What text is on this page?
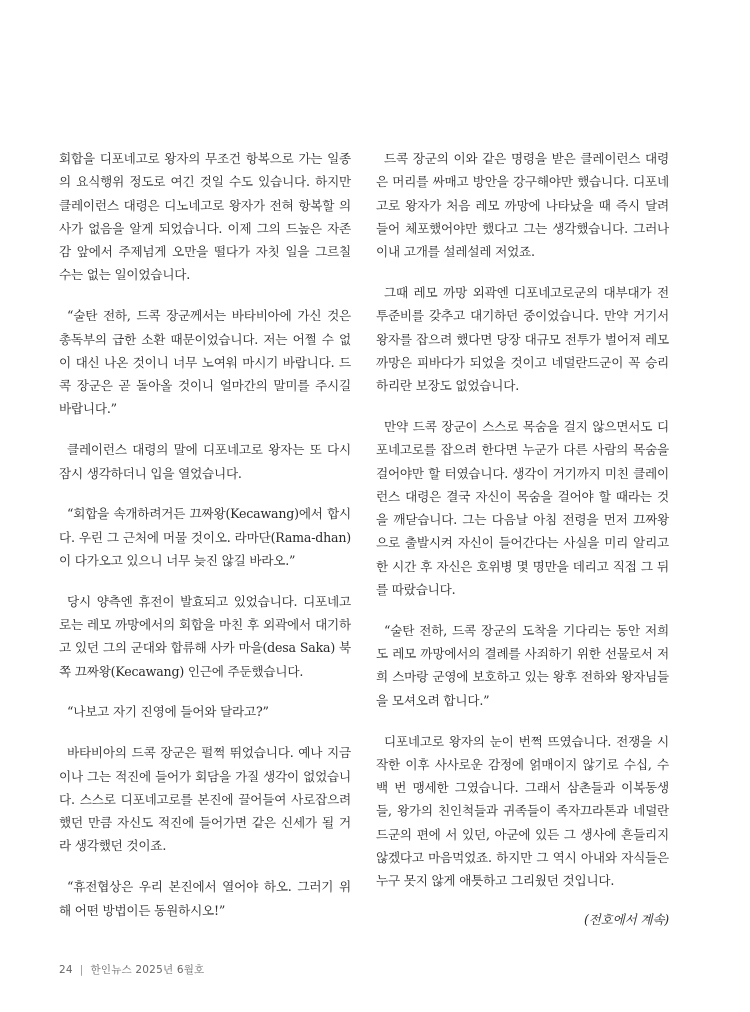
회합을 디포네고로 왕자의 무조건 항복으로 가는 일종의 요식행위 정도로 여긴 것일 수도 있습니다. 하지만 클레이런스 대령은 디노네고로 왕자가 전혀 항복할 의사가 없음을 알게 되었습니다. 이제 그의 드높은 자존감 앞에서 주제넘게 오만을 떨다가 자칫 일을 그르칠 수는 없는 일이었습니다.

“술탄 전하, 드콕 장군께서는 바타비아에 가신 것은 총독부의 급한 소환 때문이었습니다. 저는 어쩔 수 없이 대신 나온 것이니 너무 노여워 마시기 바랍니다. 드콕 장군은 곧 돌아올 것이니 얼마간의 말미를 주시길 바랍니다.”

클레이런스 대령의 말에 디포네고로 왕자는 또 다시 잠시 생각하더니 입을 열었습니다.

“회합을 속개하려거든 끄짜왕(Kecawang)에서 합시다. 우린 그 근처에 머물 것이오. 라마단(Rama-dhan)이 다가오고 있으니 너무 늦진 않길 바라오.”

당시 양측엔 휴전이 발효되고 있었습니다. 디포네고로는 레모 까망에서의 회합을 마친 후 외곽에서 대기하고 있던 그의 군대와 합류해 사카 마을(desa Saka) 북쪽 끄짜왕(Kecawang) 인근에 주둔했습니다.

“나보고 자기 진영에 들어와 달라고?”

바타비아의 드콕 장군은 펄쩍 뛰었습니다. 예나 지금이나 그는 적진에 들어가 회담을 가질 생각이 없었습니다. 스스로 디포네고로를 본진에 끌어들여 사로잡으려 했던 만큼 자신도 적진에 들어가면 같은 신세가 될 거라 생각했던 것이죠.

“휴전협상은 우리 본진에서 열어야 하오. 그러기 위해 어떤 방법이든 동원하시오!”

드콕 장군의 이와 같은 명령을 받은 클레이런스 대령은 머리를 싸매고 방안을 강구해야만 했습니다. 디포네고로 왕자가 처음 레모 까망에 나타났을 때 즉시 달려들어 체포했어야만 했다고 그는 생각했습니다. 그러나 이내 고개를 설레설레 저었죠.

그때 레모 까망 외곽엔 디포네고로군의 대부대가 전투준비를 갖추고 대기하던 중이었습니다. 만약 거기서 왕자를 잡으려 했다면 당장 대규모 전투가 벌어져 레모 까망은 피바다가 되었을 것이고 네덜란드군이 꼭 승리하리란 보장도 없었습니다.

만약 드콕 장군이 스스로 목숨을 걸지 않으면서도 디포네고로를 잡으려 한다면 누군가 다른 사람의 목숨을 걸어야만 할 터였습니다. 생각이 거기까지 미친 클레이런스 대령은 결국 자신이 목숨을 걸어야 할 때라는 것을 깨닫습니다. 그는 다음날 아침 전령을 먼저 끄짜왕으로 출발시켜 자신이 들어간다는 사실을 미리 알리고 한 시간 후 자신은 호위병 몇 명만을 데리고 직접 그 뒤를 따랐습니다.

“술탄 전하, 드콕 장군의 도착을 기다리는 동안 저희도 레모 까망에서의 결례를 사죄하기 위한 선물로서 저희 스마랑 군영에 보호하고 있는 왕후 전하와 왕자님들을 모셔오려 합니다.”

디포네고로 왕자의 눈이 번쩍 뜨였습니다. 전쟁을 시작한 이후 사사로운 감정에 얽매이지 않기로 수십, 수백 번 맹세한 그였습니다. 그래서 삼촌들과 이복동생들, 왕가의 친인척들과 귀족들이 족자끄라톤과 네덜란드군의 편에 서 있던, 아군에 있든 그 생사에 흔들리지 않겠다고 마음먹었죠. 하지만 그 역시 아내와 자식들은 누구 못지 않게 애틋하고 그리웠던 것입니다.

(전호에서 계속)

24 | 한인뉴스 2025년 6월호
